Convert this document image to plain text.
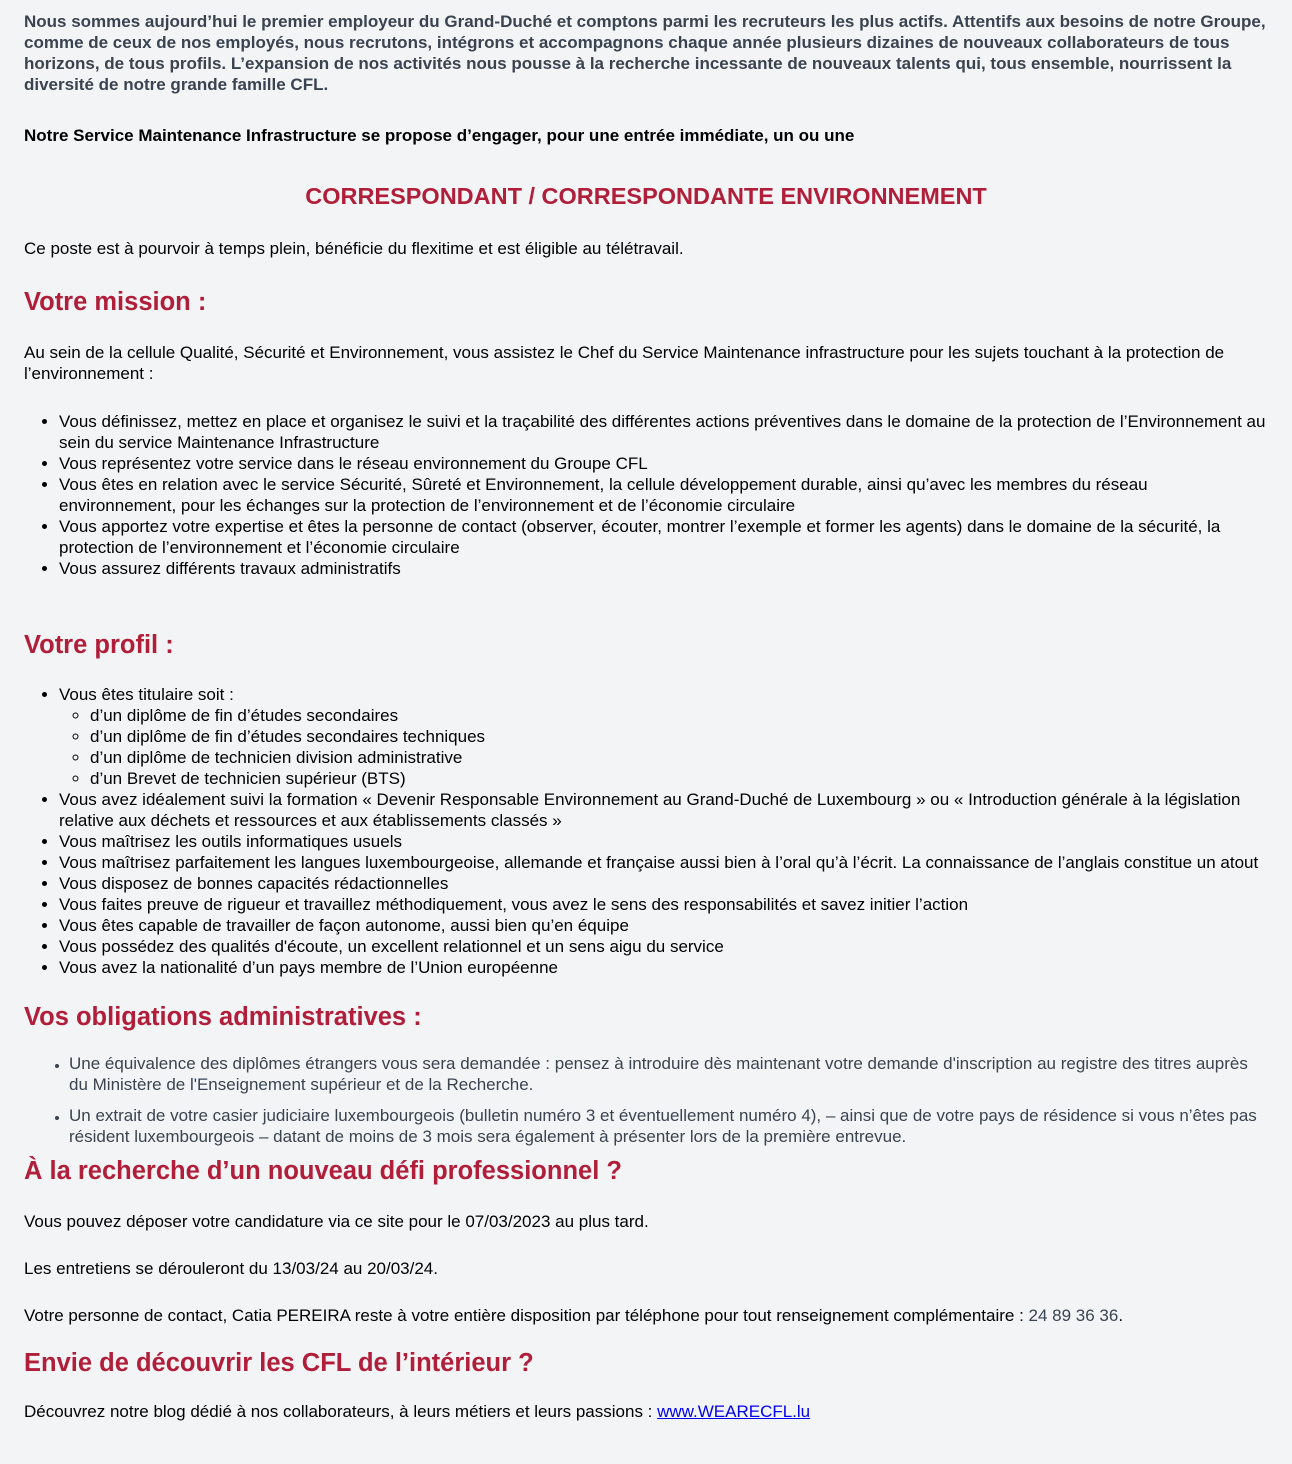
Nous sommes aujourd’hui le premier employeur du Grand-Duché et comptons parmi les recruteurs les plus actifs. Attentifs aux besoins de notre Groupe, comme de ceux de nos employés, nous recrutons, intégrons et accompagnons chaque année plusieurs dizaines de nouveaux collaborateurs de tous horizons, de tous profils. L’expansion de nos activités nous pousse à la recherche incessante de nouveaux talents qui, tous ensemble, nourrissent la diversité de notre grande famille CFL.

Notre Service Maintenance Infrastructure se propose d’engager, pour une entrée immédiate, un ou une

CORRESPONDANT / CORRESPONDANTE ENVIRONNEMENT

Ce poste est à pourvoir à temps plein, bénéficie du flexitime et est éligible au télétravail.

Votre mission :

Au sein de la cellule Qualité, Sécurité et Environnement, vous assistez le Chef du Service Maintenance infrastructure pour les sujets touchant à la protection de l’environnement :

• Vous définissez, mettez en place et organisez le suivi et la traçabilité des différentes actions préventives dans le domaine de la protection de l’Environnement au sein du service Maintenance Infrastructure
• Vous représentez votre service dans le réseau environnement du Groupe CFL
• Vous êtes en relation avec le service Sécurité, Sûreté et Environnement, la cellule développement durable, ainsi qu’avec les membres du réseau environnement, pour les échanges sur la protection de l’environnement et de l’économie circulaire
• Vous apportez votre expertise et êtes la personne de contact (observer, écouter, montrer l’exemple et former les agents) dans le domaine de la sécurité, la protection de l’environnement et l’économie circulaire
• Vous assurez différents travaux administratifs
Votre profil :
• Vous êtes titulaire soit :
◦ d’un diplôme de fin d’études secondaires
◦ d’un diplôme de fin d’études secondaires techniques
◦ d’un diplôme de technicien division administrative
◦ d’un Brevet de technicien supérieur (BTS)
• Vous avez idéalement suivi la formation « Devenir Responsable Environnement au Grand-Duché de Luxembourg » ou « Introduction générale à la législation relative aux déchets et ressources et aux établissements classés »
• Vous maîtrisez les outils informatiques usuels
• Vous maîtrisez parfaitement les langues luxembourgeoise, allemande et française aussi bien à l’oral qu’à l’écrit. La connaissance de l’anglais constitue un atout
• Vous disposez de bonnes capacités rédactionnelles
• Vous faites preuve de rigueur et travaillez méthodiquement, vous avez le sens des responsabilités et savez initier l’action
• Vous êtes capable de travailler de façon autonome, aussi bien qu’en équipe
• Vous possédez des qualités d'écoute, un excellent relationnel et un sens aigu du service
• Vous avez la nationalité d’un pays membre de l’Union européenne
Vos obligations administratives :
• Une équivalence des diplômes étrangers vous sera demandée : pensez à introduire dès maintenant votre demande d'inscription au registre des titres auprès du Ministère de l'Enseignement supérieur et de la Recherche.
• Un extrait de votre casier judiciaire luxembourgeois (bulletin numéro 3 et éventuellement numéro 4), – ainsi que de votre pays de résidence si vous n’êtes pas résident luxembourgeois – datant de moins de 3 mois sera également à présenter lors de la première entrevue.
À la recherche d’un nouveau défi professionnel ?

Vous pouvez déposer votre candidature via ce site pour le 07/03/2023 au plus tard.

Les entretiens se dérouleront du 13/03/24 au 20/03/24.

Votre personne de contact, Catia PEREIRA reste à votre entière disposition par téléphone pour tout renseignement complémentaire : 24 89 36 36.

Envie de découvrir les CFL de l’intérieur ?

Découvrez notre blog dédié à nos collaborateurs, à leurs métiers et leurs passions : www.WEARECFL.lu
